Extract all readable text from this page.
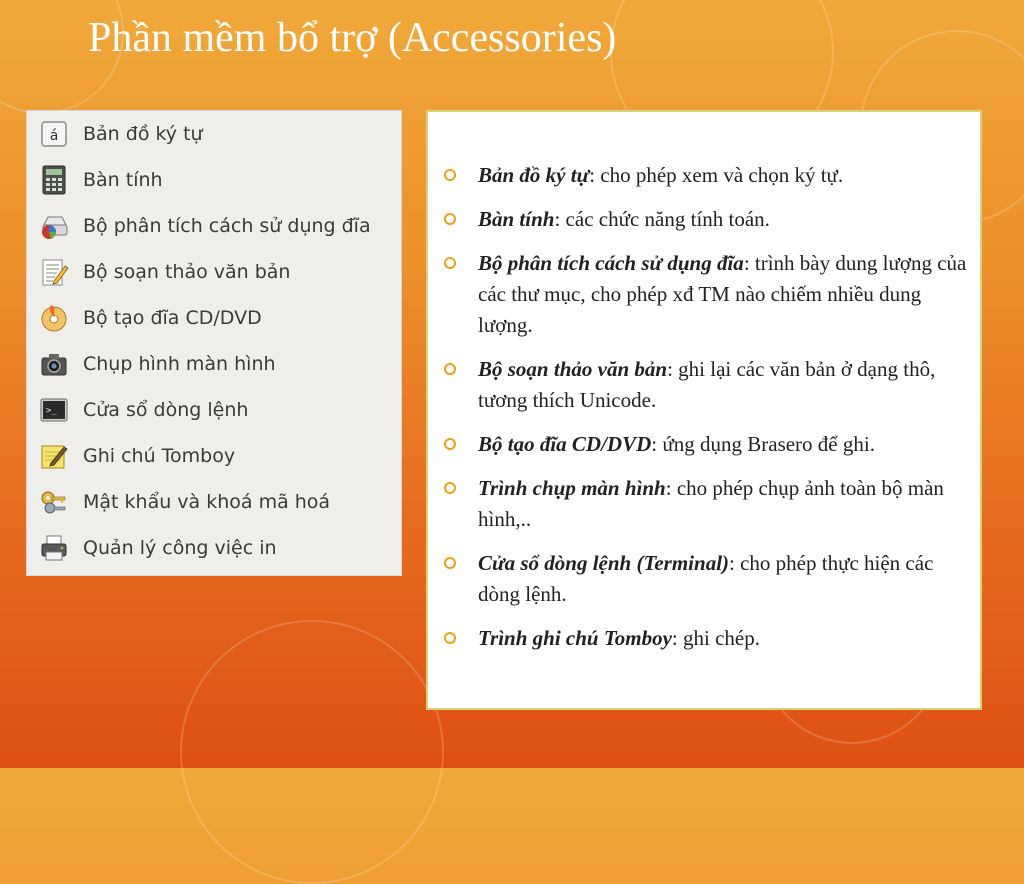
Phần mềm bổ trợ (Accessories)
á Bản đồ ký tự
Bàn tính
Bộ phân tích cách sử dụng đĩa
Bộ soạn thảo văn bản
Bộ tạo đĩa CD/DVD
Chụp hình màn hình
>_ Cửa sổ dòng lệnh
Ghi chú Tomboy
Mật khẩu và khoá mã hoá
Quản lý công việc in
Bản đồ ký tự: cho phép xem và chọn ký tự.
Bàn tính: các chức năng tính toán.
Bộ phân tích cách sử dụng đĩa: trình bày dung lượng của các thư mục, cho phép xđ TM nào chiếm nhiều dung lượng.
Bộ soạn thảo văn bản: ghi lại các văn bản ở dạng thô, tương thích Unicode.
Bộ tạo đĩa CD/DVD: ứng dụng Brasero để ghi.
Trình chụp màn hình: cho phép chụp ảnh toàn bộ màn hình,..
Cửa sổ dòng lệnh (Terminal): cho phép thực hiện các dòng lệnh.
Trình ghi chú Tomboy: ghi chép.
